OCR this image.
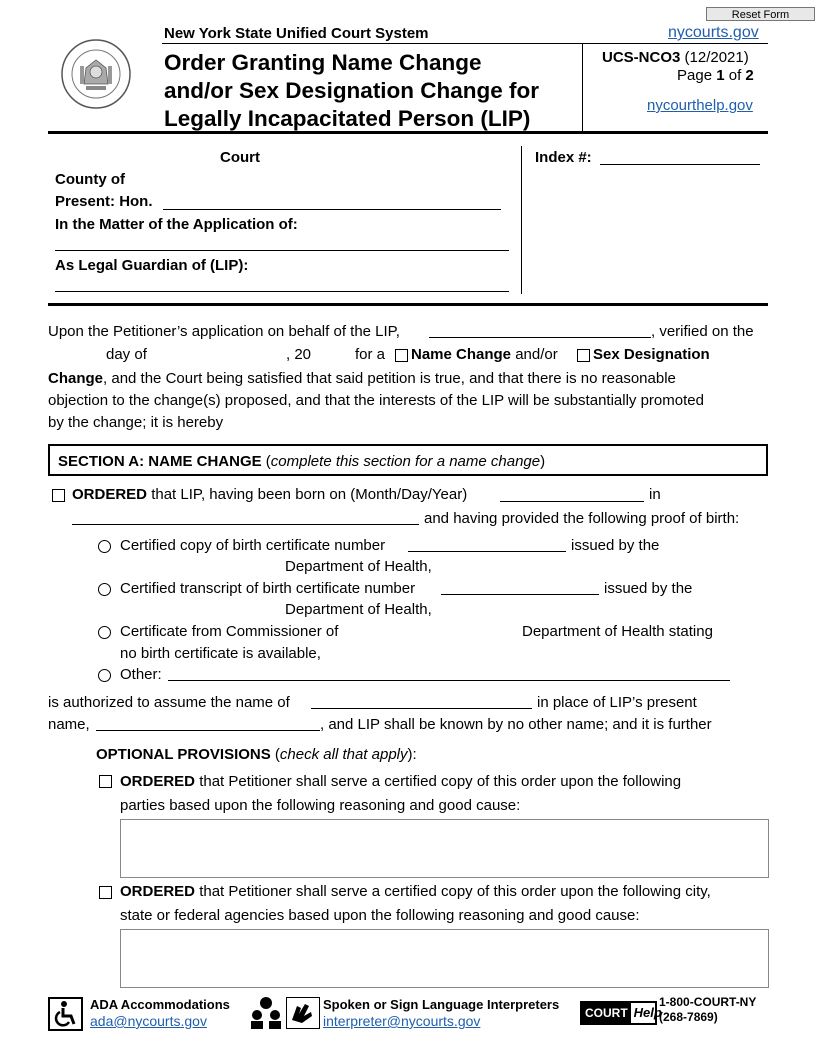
Reset Form
New York State Unified Court System
Order Granting Name Change
and/or Sex Designation Change for
Legally Incapacitated Person (LIP)
nycourts.gov
UCS-NCO3 (12/2021)
Page 1 of 2
nycourthelp.gov
Court
County of
Present: Hon.
In the Matter of the Application of:
As Legal Guardian of (LIP):
Index #:
Upon the Petitioner’s application on behalf of the LIP,	, verified on the
day of	, 20	for a Name Change and/or Sex Designation
Change, and the Court being satisfied that said petition is true, and that there is no reasonable
objection to the change(s) proposed, and that the interests of the LIP will be substantially promoted
by the change; it is hereby
SECTION A: NAME CHANGE (complete this section for a name change)
ORDERED that LIP, having been born on (Month/Day/Year)	in
and having provided the following proof of birth:
Certified copy of birth certificate number	issued by the
Department of Health,
Certified transcript of birth certificate number	issued by the
Department of Health,
Certificate from Commissioner of	Department of Health stating
no birth certificate is available,
Other:
is authorized to assume the name of	in place of LIP’s present
name,	, and LIP shall be known by no other name; and it is further
OPTIONAL PROVISIONS (check all that apply):
ORDERED that Petitioner shall serve a certified copy of this order upon the following
parties based upon the following reasoning and good cause:
ORDERED that Petitioner shall serve a certified copy of this order upon the following city,
state or federal agencies based upon the following reasoning and good cause:
ADA Accommodations
ada@nycourts.gov
Spoken or Sign Language Interpreters
interpreter@nycourts.gov	COURT Help
1-800-COURT-NY
(268-7869)
